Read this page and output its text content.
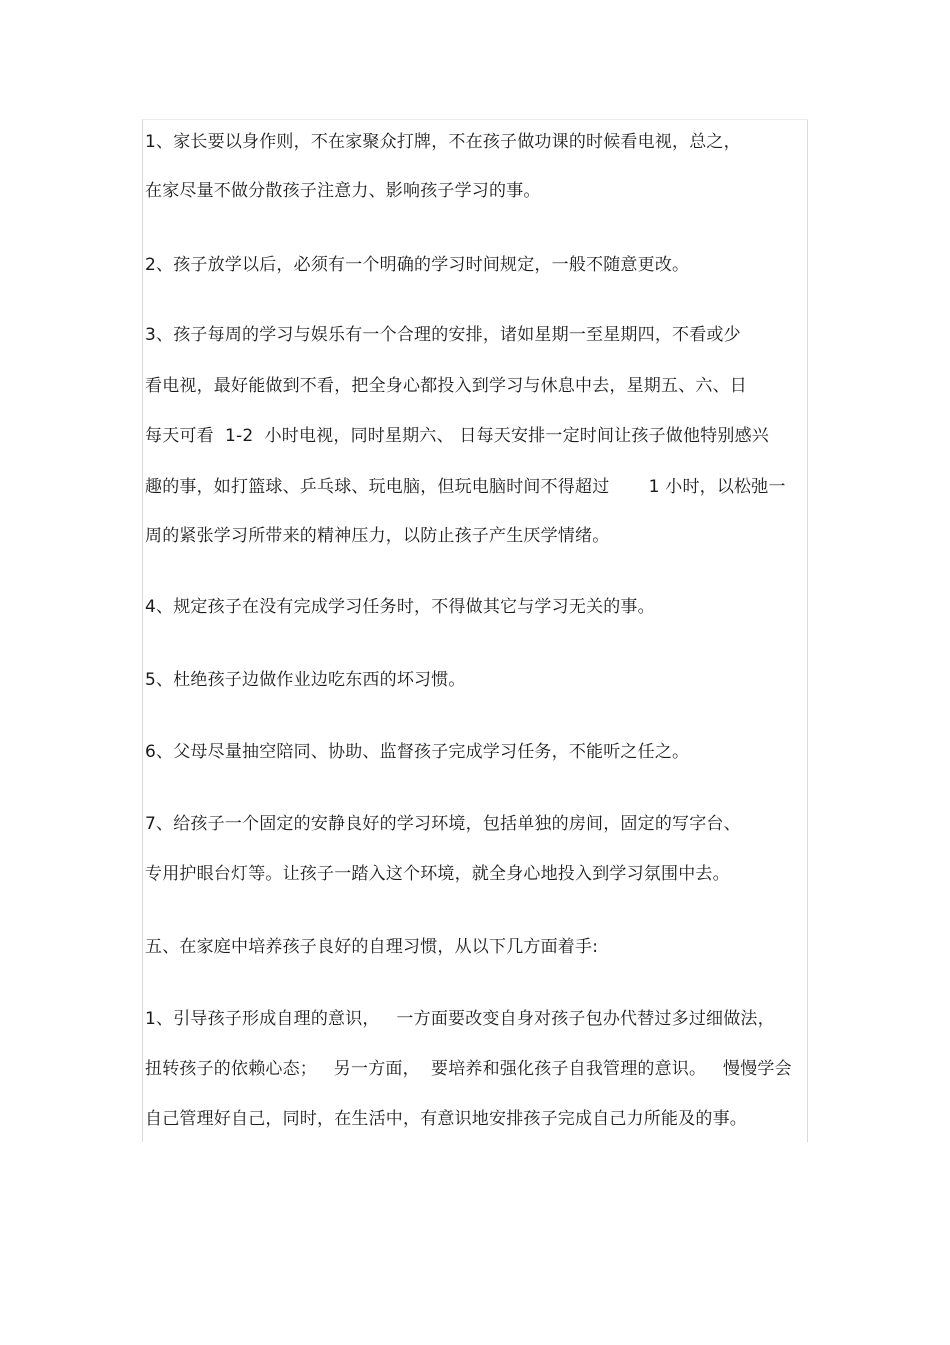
1、家长要以身作则，不在家聚众打牌，不在孩子做功课的时候看电视，总之，
在家尽量不做分散孩子注意力、影响孩子学习的事。
2、孩子放学以后，必须有一个明确的学习时间规定，一般不随意更改。
3、孩子每周的学习与娱乐有一个合理的安排，诸如星期一至星期四，不看或少
看电视，最好能做到不看，把全身心都投入到学习与休息中去，星期五、六、日
每天可看  1-2  小时电视，同时星期六、 日每天安排一定时间让孩子做他特别感兴
趣的事，如打篮球、乒乓球、玩电脑，但玩电脑时间不得超过       1 小时，以松弛一
周的紧张学习所带来的精神压力，以防止孩子产生厌学情绪。
4、规定孩子在没有完成学习任务时，不得做其它与学习无关的事。
5、杜绝孩子边做作业边吃东西的坏习惯。
6、父母尽量抽空陪同、协助、监督孩子完成学习任务，不能听之任之。
7、给孩子一个固定的安静良好的学习环境，包括单独的房间，固定的写字台、
专用护眼台灯等。让孩子一踏入这个环境，就全身心地投入到学习氛围中去。
五、在家庭中培养孩子良好的自理习惯，从以下几方面着手:
1、引导孩子形成自理的意识，   一方面要改变自身对孩子包办代替过多过细做法，
扭转孩子的依赖心态；   另一方面，  要培养和强化孩子自我管理的意识。   慢慢学会
自己管理好自己，同时，在生活中，有意识地安排孩子完成自己力所能及的事。
